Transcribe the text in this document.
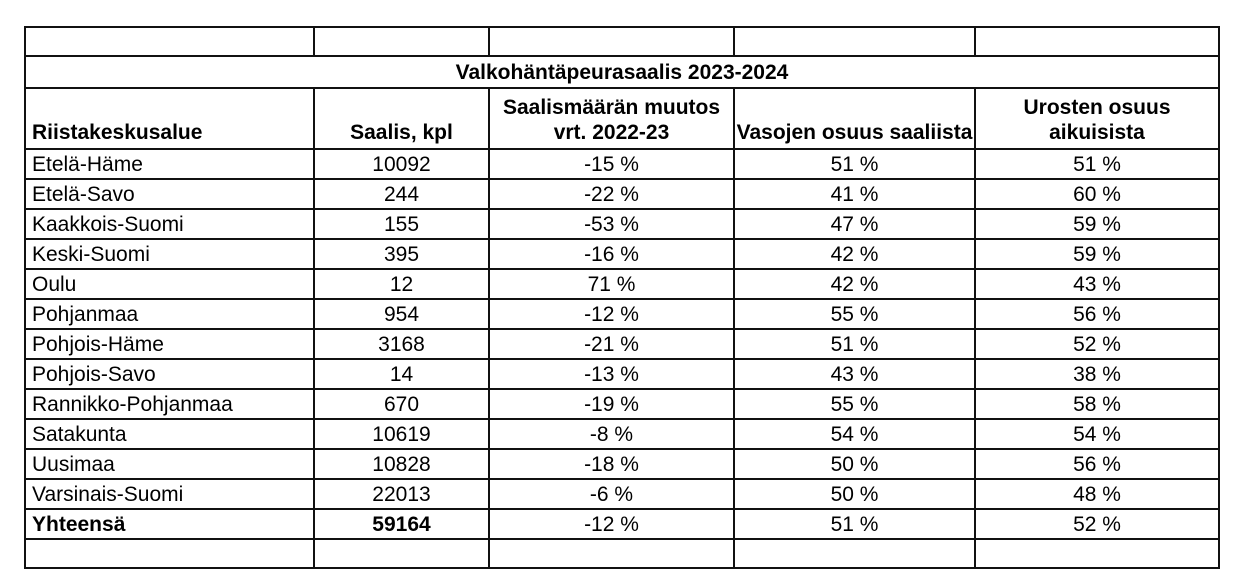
Valkohäntäpeurasaalis 2023-2024				
Riistakeskusalue	Saalis, kpl	Saalismäärän muutos vrt. 2022-23	Vasojen osuus saaliista	Urosten osuus aikuisista
Etelä-Häme	10092	-15 %	51 %	51 %
Etelä-Savo	244	-22 %	41 %	60 %
Kaakkois-Suomi	155	-53 %	47 %	59 %
Keski-Suomi	395	-16 %	42 %	59 %
Oulu	12	71 %	42 %	43 %
Pohjanmaa	954	-12 %	55 %	56 %
Pohjois-Häme	3168	-21 %	51 %	52 %
Pohjois-Savo	14	-13 %	43 %	38 %
Rannikko-Pohjanmaa	670	-19 %	55 %	58 %
Satakunta	10619	-8 %	54 %	54 %
Uusimaa	10828	-18 %	50 %	56 %
Varsinais-Suomi	22013	-6 %	50 %	48 %
Yhteensä	59164	-12 %	51 %	52 %
